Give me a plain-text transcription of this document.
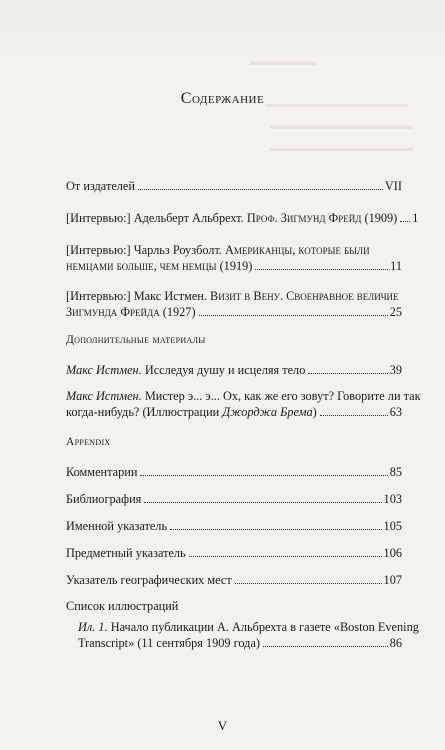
▬▬▬▬▬▬
▬▬▬▬▬▬▬▬▬▬▬▬▬
▬▬▬▬▬▬▬▬▬▬▬▬▬
▬▬▬▬▬▬▬▬▬▬▬▬▬
Содержание
От издателей	VII
[Интервью:] Адельберт Альбрехт. Проф. Зигмунд Фрейд (1909) 1
[Интервью:] Чарльз Роузболт. Американцы, которые были
немцами больше, чем немцы (1919)	11
[Интервью:] Макс Истмен. Визит в Вену. Своенравное величие
Зигмунда Фрейда (1927)	25
Дополнительные материалы
Макс Истмен. Исследуя душу и исцеляя тело	39
Макс Истмен. Мистер э... э... Ох, как же его зовут? Говорите ли так
когда-нибудь? (Иллюстрации Джорджа Брема)	63
Appendix
Комментарии	85
Библиография	103
Именной указатель	105
Предметный указатель	106
Указатель географических мест	107
Список иллюстраций
Ил. 1. Начало публикации А. Альбрехта в газете «Boston Evening
Transcript» (11 сентября 1909 года)	86
V
